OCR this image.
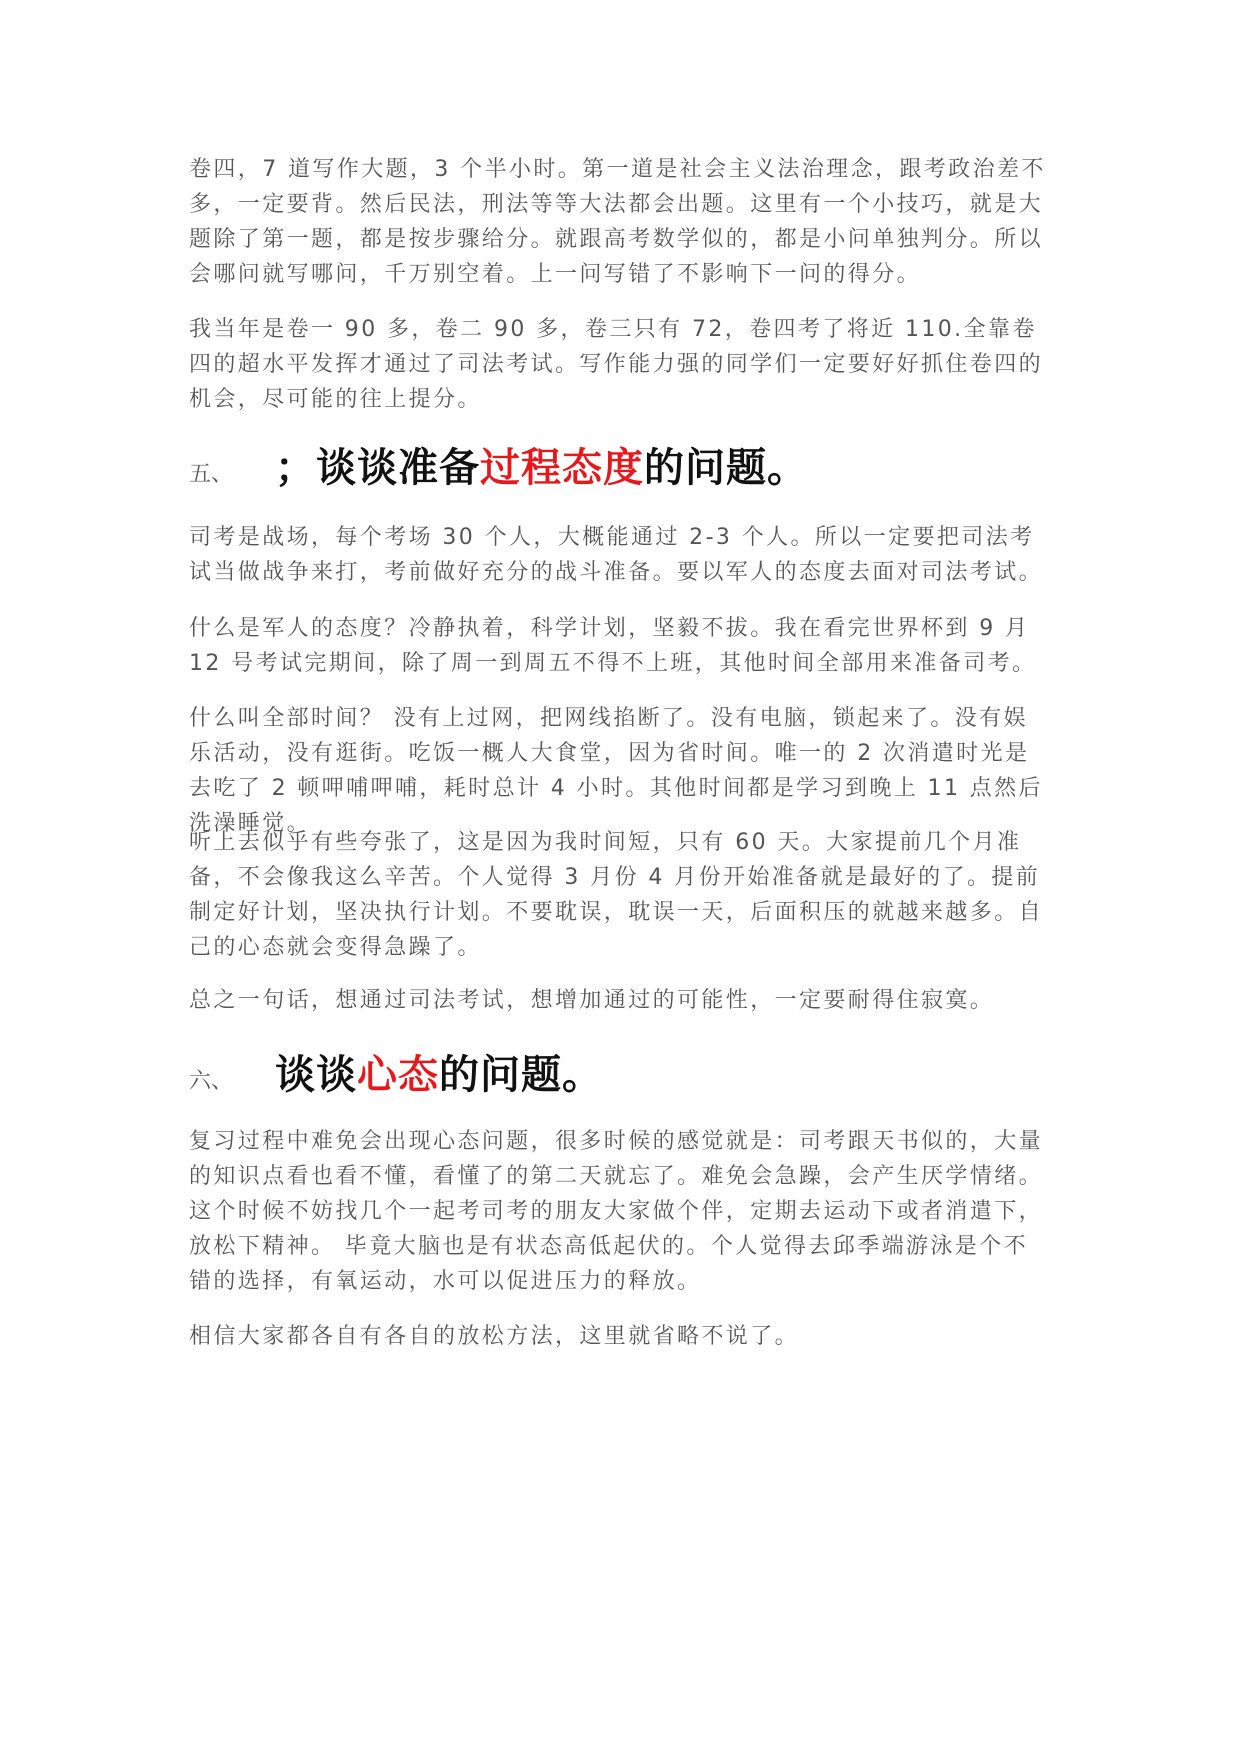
卷四，7 道写作大题，3 个半小时。第一道是社会主义法治理念，跟考政治差不多，一定要背。然后民法，刑法等等大法都会出题。这里有一个小技巧，就是大题除了第一题，都是按步骤给分。就跟高考数学似的，都是小问单独判分。所以会哪问就写哪问，千万别空着。上一问写错了不影响下一问的得分。

我当年是卷一 90 多，卷二 90 多，卷三只有 72，卷四考了将近 110.全靠卷四的超水平发挥才通过了司法考试。写作能力强的同学们一定要好好抓住卷四的机会，尽可能的往上提分。

五、	；谈谈准备过程态度的问题。

司考是战场，每个考场 30 个人，大概能通过 2-3 个人。所以一定要把司法考试当做战争来打，考前做好充分的战斗准备。要以军人的态度去面对司法考试。

什么是军人的态度？冷静执着，科学计划，坚毅不拔。我在看完世界杯到 9 月 12 号考试完期间，除了周一到周五不得不上班，其他时间全部用来准备司考。

什么叫全部时间？ 没有上过网，把网线掐断了。没有电脑，锁起来了。没有娱乐活动，没有逛街。吃饭一概人大食堂，因为省时间。唯一的 2 次消遣时光是去吃了 2 顿呷哺呷哺，耗时总计 4 小时。其他时间都是学习到晚上 11 点然后洗澡睡觉。

听上去似乎有些夸张了，这是因为我时间短，只有 60 天。大家提前几个月准备，不会像我这么辛苦。个人觉得 3 月份 4 月份开始准备就是最好的了。提前制定好计划，坚决执行计划。不要耽误，耽误一天，后面积压的就越来越多。自己的心态就会变得急躁了。

总之一句话，想通过司法考试，想增加通过的可能性，一定要耐得住寂寞。

六、	谈谈心态的问题。

复习过程中难免会出现心态问题，很多时候的感觉就是：司考跟天书似的，大量的知识点看也看不懂，看懂了的第二天就忘了。难免会急躁，会产生厌学情绪。这个时候不妨找几个一起考司考的朋友大家做个伴，定期去运动下或者消遣下，放松下精神。 毕竟大脑也是有状态高低起伏的。个人觉得去邱季端游泳是个不错的选择，有氧运动，水可以促进压力的释放。

相信大家都各自有各自的放松方法，这里就省略不说了。
